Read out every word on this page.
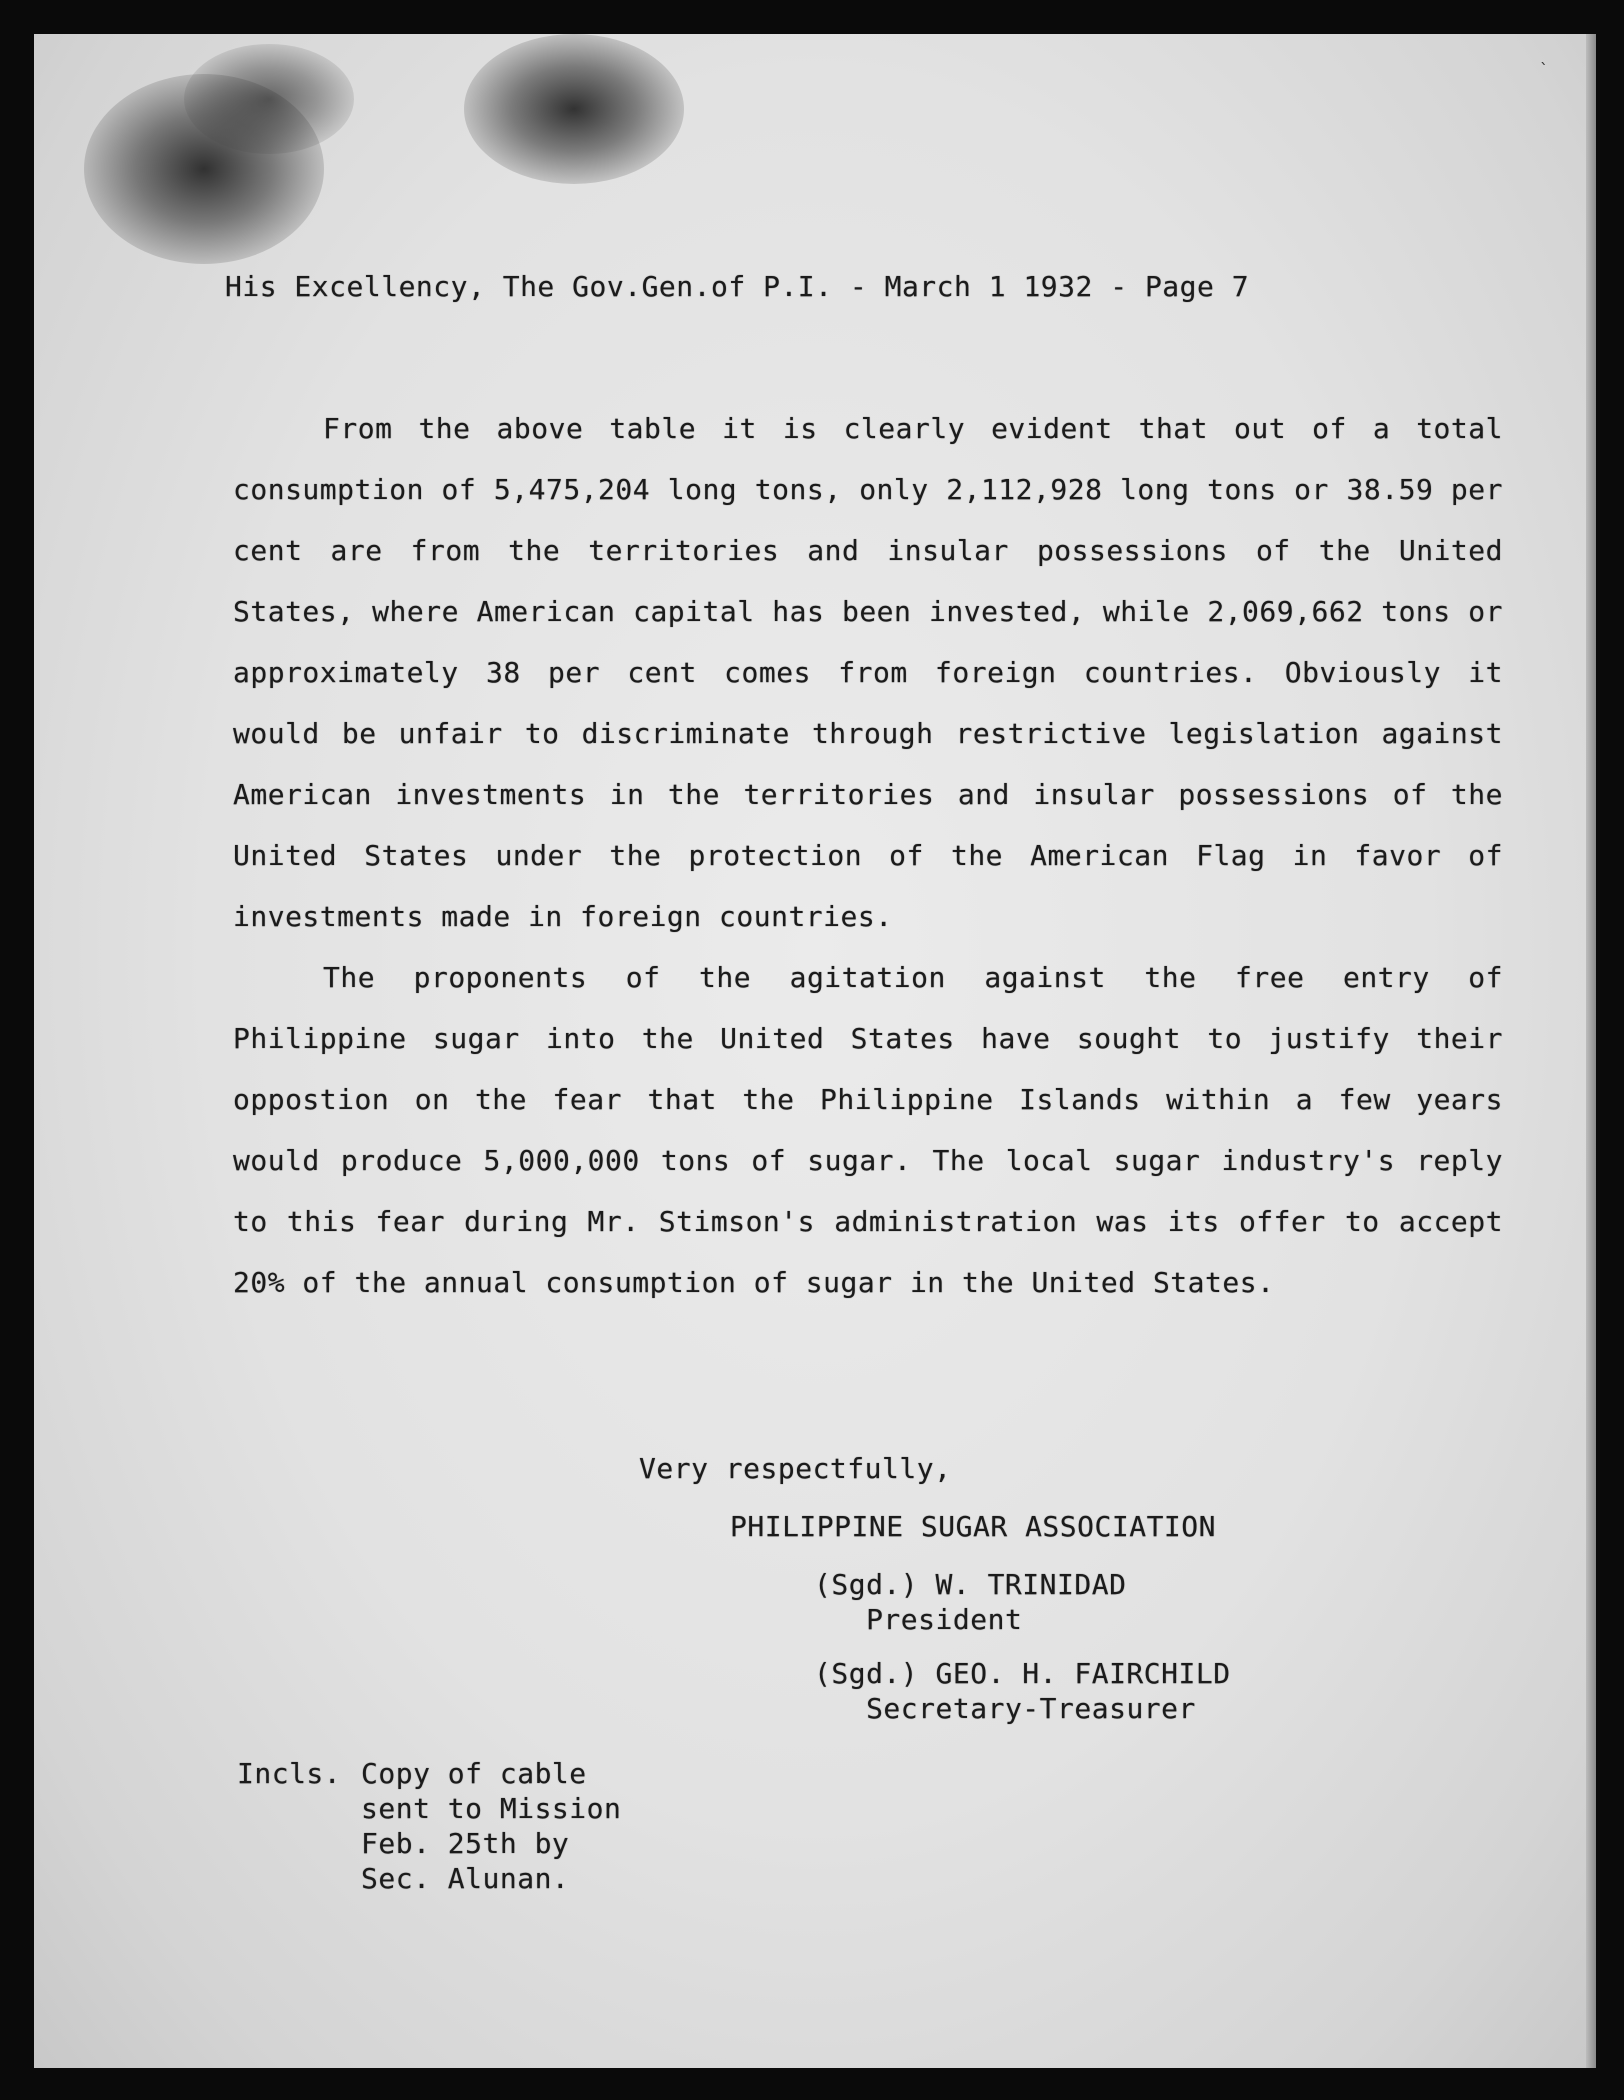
ˋ
His Excellency, The Gov.Gen.of P.I. - March 1 1932 - Page 7

From the above table it is clearly evident that out of a total consumption of 5,475,204 long tons, only 2,112,928 long tons or 38.59 per cent are from the territories and insular possessions of the United States, where American capital has been invested, while 2,069,662 tons or approximately 38 per cent comes from foreign countries. Obviously it would be unfair to discriminate through restrictive legislation against American investments in the territories and insular possessions of the United States under the protection of the American Flag in favor of investments made in foreign countries.

The proponents of the agitation against the free entry of Philippine sugar into the United States have sought to justify their oppostion on the fear that the Philippine Islands within a few years would produce 5,000,000 tons of sugar. The local sugar industry's reply to this fear during Mr. Stimson's administration was its offer to accept 20% of the annual consumption of sugar in the United States.

Very respectfully,
PHILIPPINE SUGAR ASSOCIATION
(Sgd.) W. TRINIDAD
President
(Sgd.) GEO. H. FAIRCHILD
Secretary-Treasurer
Incls. Copy of cable
sent to Mission
Feb. 25th by
Sec. Alunan.
